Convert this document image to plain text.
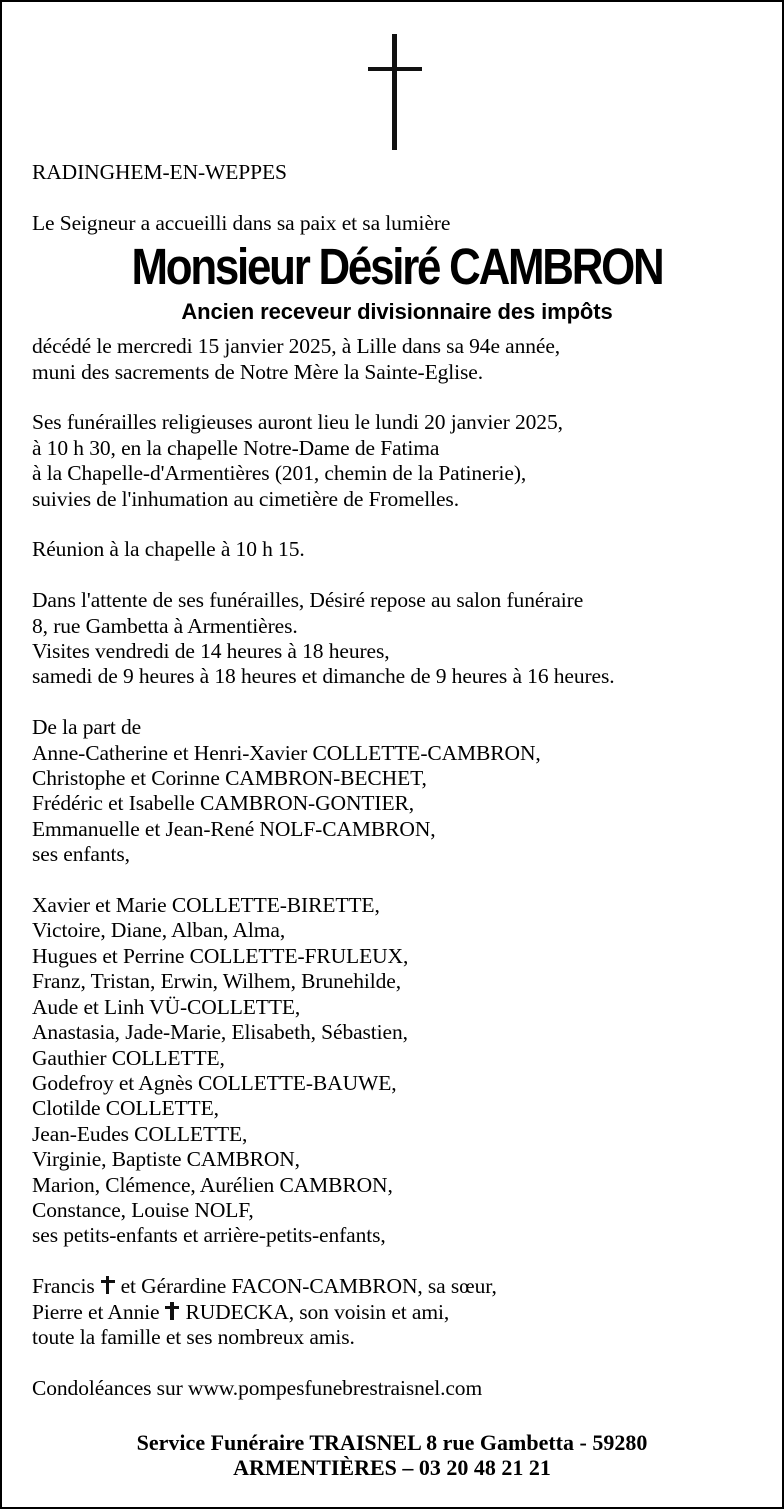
RADINGHEM-EN-WEPPES
Le Seigneur a accueilli dans sa paix et sa lumière
Monsieur Désiré CAMBRON
Ancien receveur divisionnaire des impôts
décédé le mercredi 15 janvier 2025, à Lille dans sa 94e année,
muni des sacrements de Notre Mère la Sainte-Eglise.
Ses funérailles religieuses auront lieu le lundi 20 janvier 2025,
à 10 h 30, en la chapelle Notre-Dame de Fatima
à la Chapelle-d'Armentières (201, chemin de la Patinerie),
suivies de l'inhumation au cimetière de Fromelles.
Réunion à la chapelle à 10 h 15.
Dans l'attente de ses funérailles, Désiré repose au salon funéraire
8, rue Gambetta à Armentières.
Visites vendredi de 14 heures à 18 heures,
samedi de 9 heures à 18 heures et dimanche de 9 heures à 16 heures.
De la part de
Anne-Catherine et Henri-Xavier COLLETTE-CAMBRON,
Christophe et Corinne CAMBRON-BECHET,
Frédéric et Isabelle CAMBRON-GONTIER,
Emmanuelle et Jean-René NOLF-CAMBRON,
ses enfants,
Xavier et Marie COLLETTE-BIRETTE,
Victoire, Diane, Alban, Alma,
Hugues et Perrine COLLETTE-FRULEUX,
Franz, Tristan, Erwin, Wilhem, Brunehilde,
Aude et Linh VÜ-COLLETTE,
Anastasia, Jade-Marie, Elisabeth, Sébastien,
Gauthier COLLETTE,
Godefroy et Agnès COLLETTE-BAUWE,
Clotilde COLLETTE,
Jean-Eudes COLLETTE,
Virginie, Baptiste CAMBRON,
Marion, Clémence, Aurélien CAMBRON,
Constance, Louise NOLF,
ses petits-enfants et arrière-petits-enfants,
Francis et Gérardine FACON-CAMBRON, sa sœur,
Pierre et Annie RUDECKA, son voisin et ami,
toute la famille et ses nombreux amis.
Condoléances sur www.pompesfunebrestraisnel.com
Service Funéraire TRAISNEL 8 rue Gambetta - 59280
ARMENTIÈRES – 03 20 48 21 21
